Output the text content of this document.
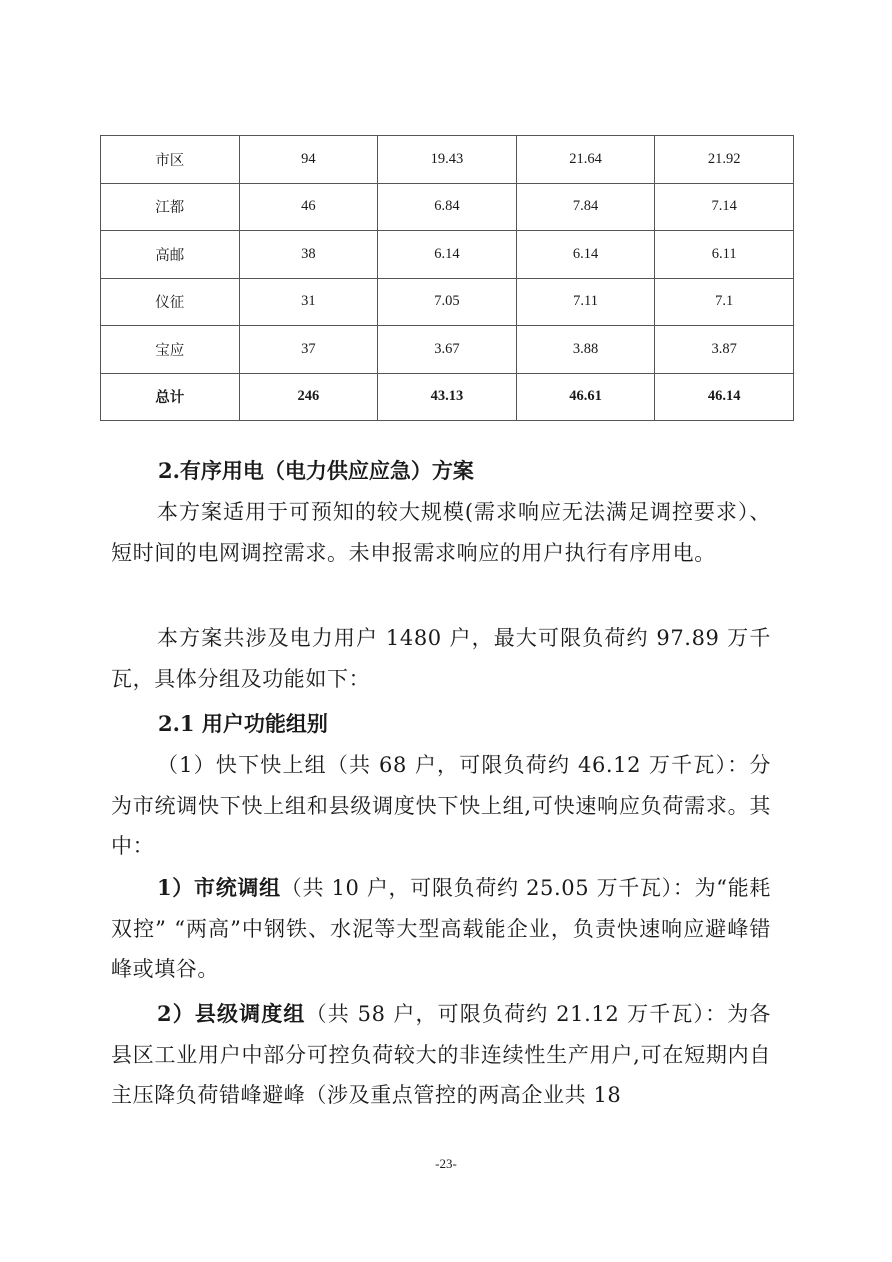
市区	94	19.43	21.64	21.92
江都	46	6.84	7.84	7.14
高邮	38	6.14	6.14	6.11
仪征	31	7.05	7.11	7.1
宝应	37	3.67	3.88	3.87
总计	246	43.13	46.61	46.14
2.有序用电（电力供应应急）方案
本方案适用于可预知的较大规模(需求响应无法满足调控要求）、短时间的电网调控需求。未申报需求响应的用户执行有序用电。
本方案共涉及电力用户 1480 户，最大可限负荷约 97.89 万千瓦，具体分组及功能如下：
2.1 用户功能组别
（1）快下快上组（共 68 户，可限负荷约 46.12 万千瓦）：分为市统调快下快上组和县级调度快下快上组,可快速响应负荷需求。其中：
1）市统调组（共 10 户，可限负荷约 25.05 万千瓦）：为“能耗双控” “两高”中钢铁、水泥等大型高载能企业，负责快速响应避峰错峰或填谷。
2）县级调度组（共 58 户，可限负荷约 21.12 万千瓦）：为各县区工业用户中部分可控负荷较大的非连续性生产用户,可在短期内自主压降负荷错峰避峰（涉及重点管控的两高企业共 18
-23-
